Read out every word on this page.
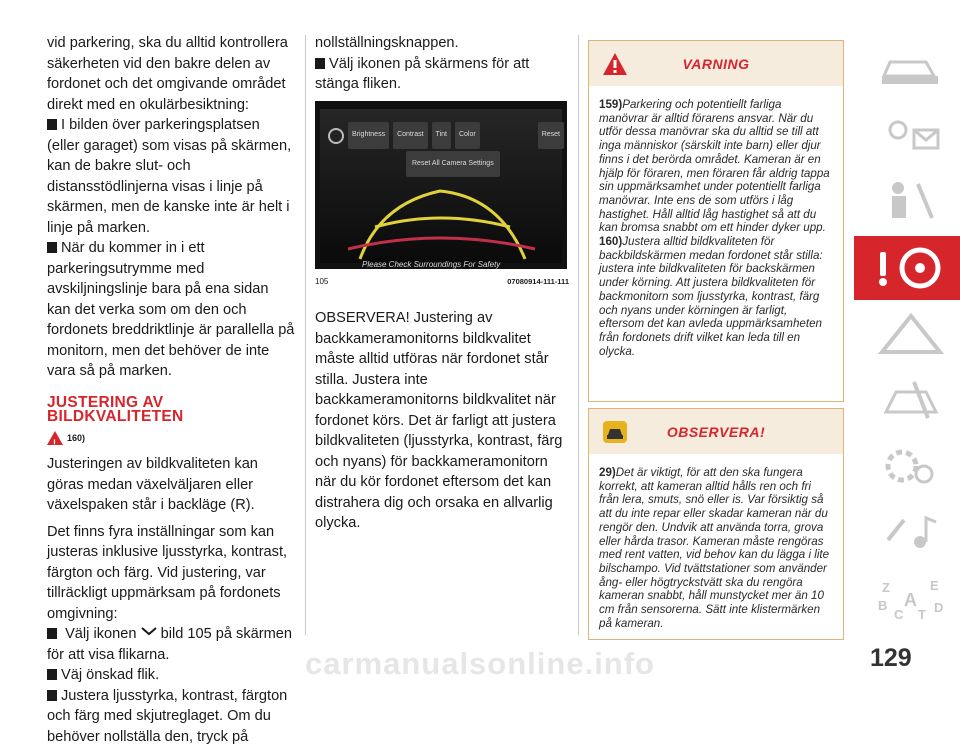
vid parkering, ska du alltid kontrollera säkerheten vid den bakre delen av fordonet och det omgivande området direkt med en okulärbesiktning:

I bilden över parkeringsplatsen (eller garaget) som visas på skärmen, kan de bakre slut- och distansstödlinjerna visas i linje på skärmen, men de kanske inte är helt i linje på marken.

När du kommer in i ett parkeringsutrymme med avskiljningslinje bara på ena sidan kan det verka som om den och fordonets breddriktlinje är parallella på monitorn, men det behöver de inte vara så på marken.

JUSTERING AV BILDKVALITETEN
!
160)

Justeringen av bildkvaliteten kan göras medan växelväljaren eller växelspaken står i backläge (R).

Det finns fyra inställningar som kan justeras inklusive ljusstyrka, kontrast, färgton och färg. Vid justering, var tillräckligt uppmärksam på fordonets omgivning:

Välj ikonen bild 105 på skärmen för att visa flikarna.

Väj önskad flik.

Justera ljusstyrka, kontrast, färgton och färg med skjutreglaget. Om du behöver nollställa den, tryck på

nollställningsknappen.

Välj ikonen på skärmens för att stänga fliken.

Brightness	Contrast	Tint	Color	Reset
Reset All Camera Settings
Please Check Surroundings For Safety
105	07080914-111-111

OBSERVERA! Justering av backkameramonitorns bildkvalitet måste alltid utföras när fordonet står stilla. Justera inte backkameramonitorns bildkvalitet när fordonet körs. Det är farligt att justera bildkvaliteten (ljusstyrka, kontrast, färg och nyans) för backkameramonitorn när du kör fordonet eftersom det kan distrahera dig och orsaka en allvarlig olycka.

VARNING

159)Parkering och potentiellt farliga manövrar är alltid förarens ansvar. När du utför dessa manövrar ska du alltid se till att inga människor (särskilt inte barn) eller djur finns i det berörda området. Kameran är en hjälp för föraren, men föraren får aldrig tappa sin uppmärksamhet under potentiellt farliga manövrar. Inte ens de som utförs i låg hastighet. Håll alltid låg hastighet så att du kan bromsa snabbt om ett hinder dyker upp.

160)Justera alltid bildkvaliteten för backbildskärmen medan fordonet står stilla: justera inte bildkvaliteten för backskärmen under körning. Att justera bildkvaliteten för backmonitorn som ljusstyrka, kontrast, färg och nyans under körningen är farligt, eftersom det kan avleda uppmärksamheten från fordonets drift vilket kan leda till en olycka.

OBSERVERA!

29)Det är viktigt, för att den ska fungera korrekt, att kameran alltid hålls ren och fri från lera, smuts, snö eller is. Var försiktig så att du inte repar eller skadar kameran när du rengör den. Undvik att använda torra, grova eller hårda trasor. Kameran måste rengöras med rent vatten, vid behov kan du lägga i lite bilschampo. Vid tvättstationer som använder ång- eller högtryckstvätt ska du rengöra kameran snabbt, håll munstycket mer än 10 cm från sensorerna. Sätt inte klistermärken på kameran.

Z	E
B A
C T D
carmanualsonline.info	129
